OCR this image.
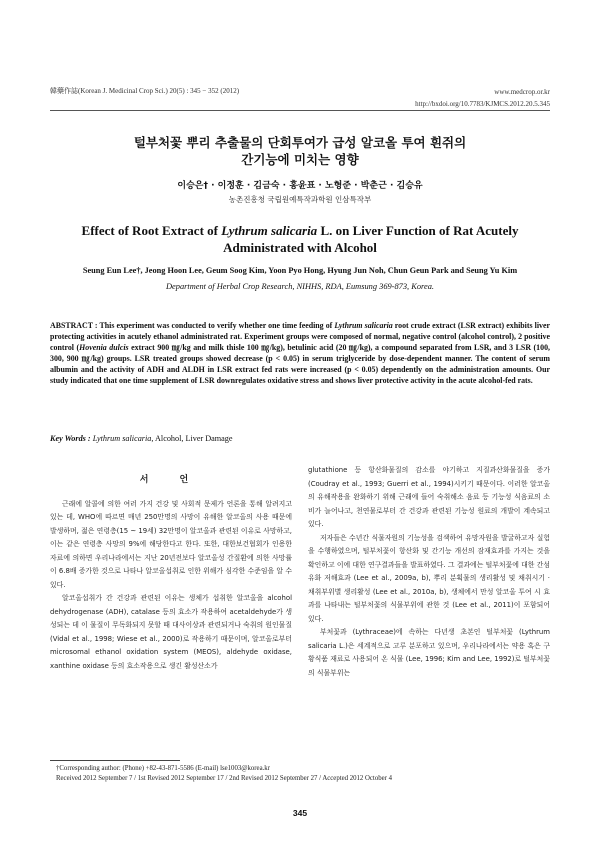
韓藥作誌(Korean J. Medicinal Crop Sci.) 20(5) : 345 − 352 (2012)	www.medcrop.or.kr
http://bxdoi.org/10.7783/KJMCS.2012.20.5.345
털부처꽃 뿌리 추출물의 단회투여가 급성 알코올 투여 흰쥐의
간기능에 미치는 영향
이승은† · 이정훈 · 김금숙 · 홍윤표 · 노형준 · 박춘근 · 김승유
농촌진흥청 국립원예특작과학원 인삼특작부
Effect of Root Extract of Lythrum salicaria L. on Liver Function of Rat Acutely
Administrated with Alcohol
Seung Eun Lee†, Jeong Hoon Lee, Geum Soog Kim, Yoon Pyo Hong, Hyung Jun Noh, Chun Geun Park and Seung Yu Kim
Department of Herbal Crop Research, NIHHS, RDA, Eumsung 369-873, Korea.
ABSTRACT : This experiment was conducted to verify whether one time feeding of Lythrum salicaria root crude extract (LSR extract) exhibits liver protecting activities in acutely ethanol administrated rat. Experiment groups were composed of normal, negative control (alcohol control), 2 positive control (Hovenia dulcis extract 900 ㎎/kg and milk thisle 100 ㎎/kg), betulinic acid (20 ㎎/kg), a compound separated from LSR, and 3 LSR (100, 300, 900 ㎎/kg) groups. LSR treated groups showed decrease (p < 0.05) in serum triglyceride by dose-dependent manner. The content of serum albumin and the activity of ADH and ALDH in LSR extract fed rats were increased (p < 0.05) dependently on the administration amounts. Our study indicated that one time supplement of LSR downregulates oxidative stress and shows liver protective activity in the acute alcohol-fed rats.
Key Words : Lythrum salicaria, Alcohol, Liver Damage
서 언

근래에 알콜에 의한 여러 가지 건강 및 사회적 문제가 언론을 통해 알려지고 있는 데, WHO에 따르면 매년 250만명의 사망이 유해한 알코올의 사용 때문에 발생하며, 젊은 연령층(15 ~ 19세) 32만명이 알코올과 관련된 이유로 사망하고, 이는 같은 연령층 사망의 9%에 해당한다고 한다. 또한, 대한보건협회가 인용한 자료에 의하면 우리나라에서는 지난 20년전보다 알코올성 간질환에 의한 사망률이 6.8배 증가한 것으로 나타나 알코올섭취로 인한 위해가 심각한 수준임을 알 수 있다.

알코올섭취가 간 건강과 관련된 이유는 생체가 섭취한 알코올을 alcohol dehydrogenase (ADH), catalase 등의 효소가 작용하여 acetaldehyde가 생성되는 데 이 물질이 무독화되지 못할 때 대사이상과 관련되거나 숙취의 원인물질 (Vidal et al., 1998; Wiese et al., 2000)로 작용하기 때문이며, 알코올로부터 microsomal ethanol oxidation system (MEOS), aldehyde oxidase, xanthine oxidase 등의 효소작용으로 생긴 활성산소가

glutathione 등 항산화물질의 감소를 야기하고 지질과산화물질을 증가 (Coudray et al., 1993; Guerri et al., 1994)시키기 때문이다. 이러한 알코올의 유해작용을 완화하기 위해 근래에 들어 숙취해소 음료 등 기능성 식음료의 소비가 늘어나고, 천연물로부터 간 건강과 관련된 기능성 원료의 개발이 계속되고 있다.

저자들은 수년간 식물자원의 기능성을 검색하여 유망자원을 발굴하고자 실험을 수행하였으며, 털부처꽃이 항산화 및 간기능 개선의 잠재효과를 가지는 것을 확인하고 이에 대한 연구결과들을 발표하였다. 그 결과에는 털부처꽃에 대한 간섬유화 저해효과 (Lee et al., 2009a, b), 뿌리 분획물의 생리활성 및 채취시기 · 채취부위별 생리활성 (Lee et al., 2010a, b), 생체에서 만성 알코올 투여 시 효과를 나타내는 털부처꽃의 식물부위에 관한 것 (Lee et al., 2011)이 포함되어 있다.

부처꽃과 (Lythraceae)에 속하는 다년생 초본인 털부처꽃 (Lythrum salicaria L.)은 세계적으로 고루 분포하고 있으며, 우리나라에서는 약용 혹은 구황식품 재료로 사용되어 온 식물 (Lee, 1996; Kim and Lee, 1992)로 털부처꽃의 식물부위는

†Corresponding author: (Phone) +82-43-871-5586 (E-mail) lse1003@korea.kr
Received 2012 September 7 / 1st Revised 2012 September 17 / 2nd Revised 2012 September 27 / Accepted 2012 October 4
345
